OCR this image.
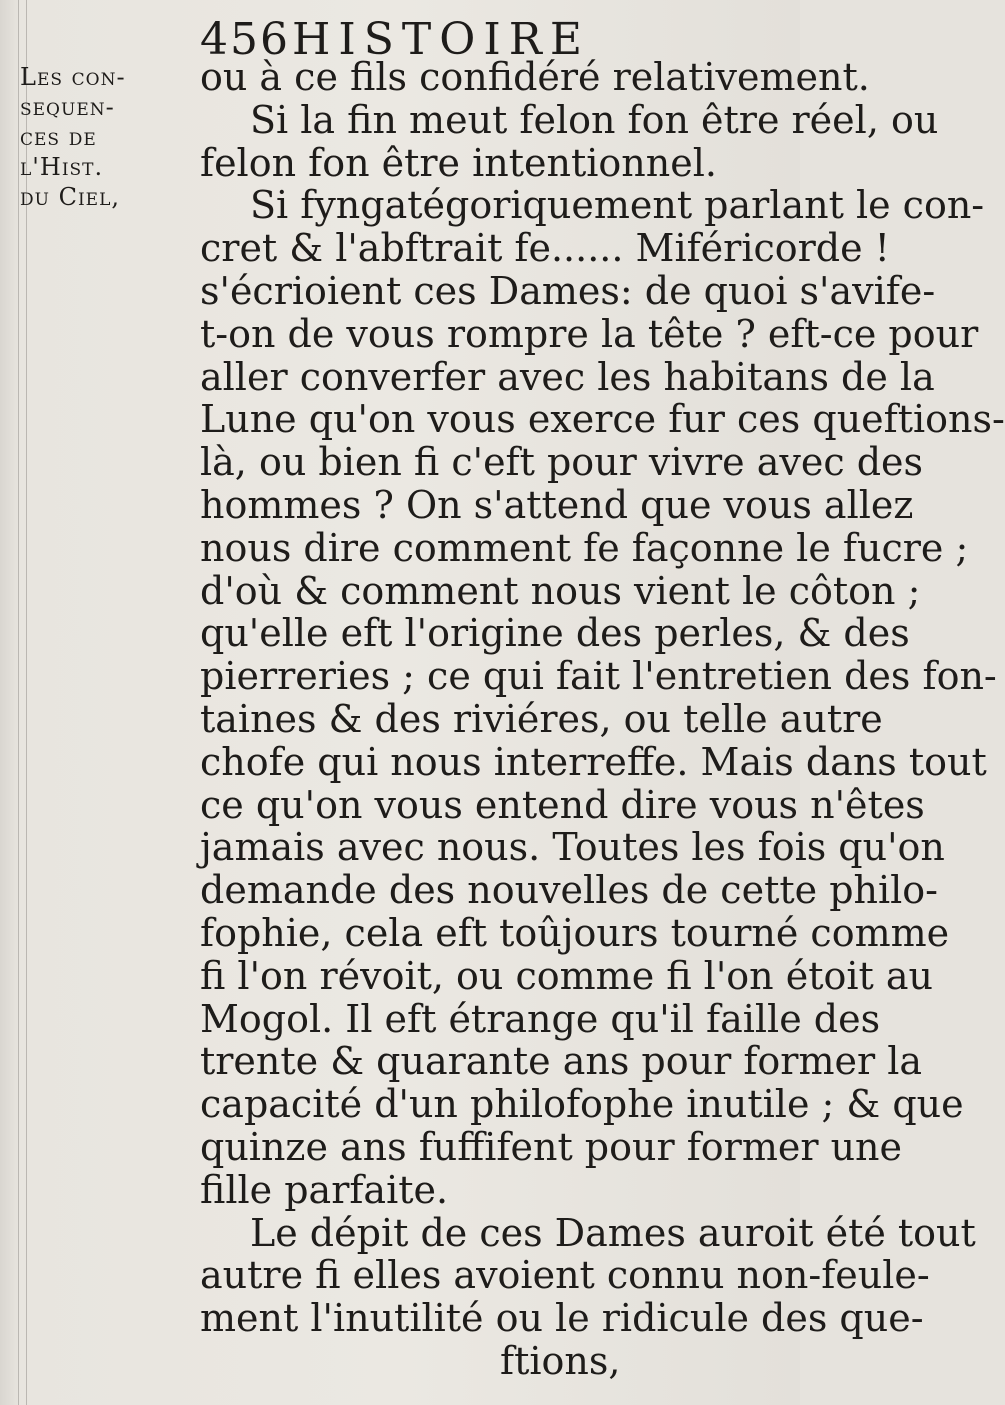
456 HISTOIRE
Les con-
sequen-
ces de
l'Hist.
du Ciel,
ou à ce fils confidéré relativement.
Si la fin meut felon fon être réel, ou
felon fon être intentionnel.
Si fyngatégoriquement parlant le con-
cret & l'abftrait fe...... Miféricorde !
s'écrioient ces Dames: de quoi s'avife-
t-on de vous rompre la tête ? eft-ce pour
aller converfer avec les habitans de la
Lune qu'on vous exerce fur ces queftions-
là, ou bien fi c'eft pour vivre avec des
hommes ? On s'attend que vous allez
nous dire comment fe façonne le fucre ;
d'où & comment nous vient le côton ;
qu'elle eft l'origine des perles, & des
pierreries ; ce qui fait l'entretien des fon-
taines & des riviéres, ou telle autre
chofe qui nous interreffe. Mais dans tout
ce qu'on vous entend dire vous n'êtes
jamais avec nous. Toutes les fois qu'on
demande des nouvelles de cette philo-
fophie, cela eft toûjours tourné comme
fi l'on révoit, ou comme fi l'on étoit au
Mogol. Il eft étrange qu'il faille des
trente & quarante ans pour former la
capacité d'un philofophe inutile ; & que
quinze ans fuffifent pour former une
fille parfaite.
Le dépit de ces Dames auroit été tout
autre fi elles avoient connu non-feule-
ment l'inutilité ou le ridicule des que-
ftions,
